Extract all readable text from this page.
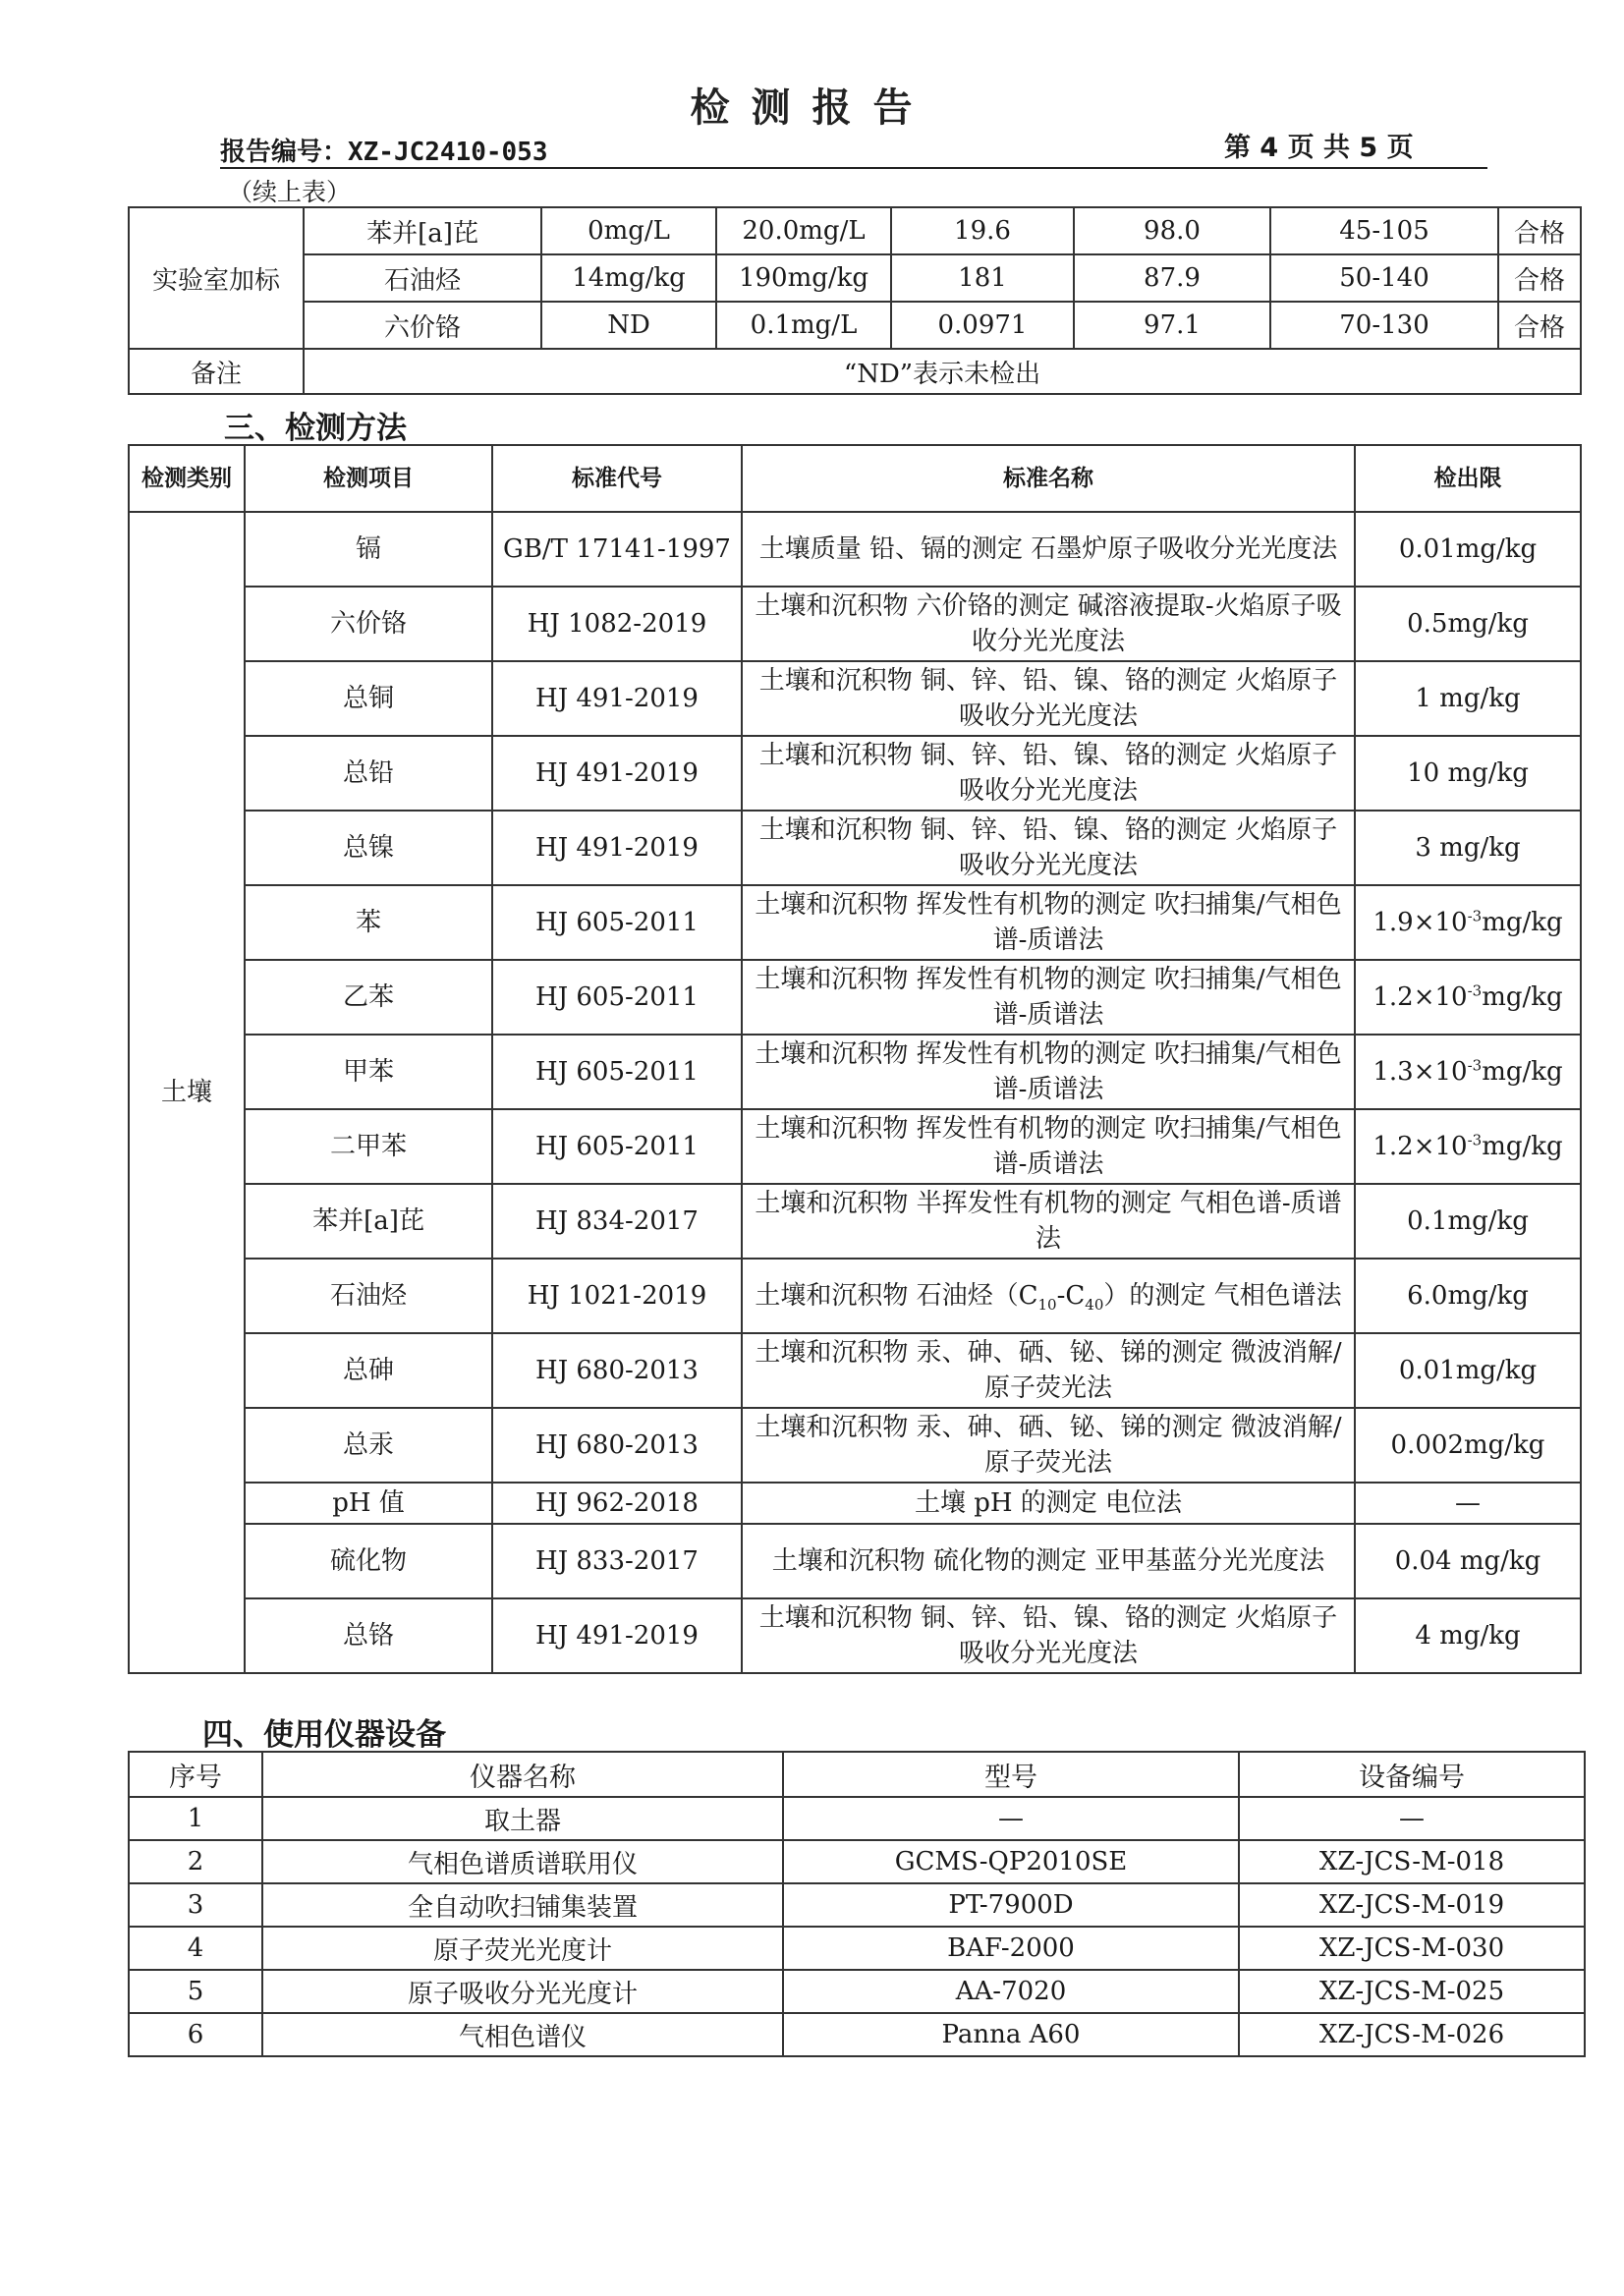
检测报告
报告编号：XZ-JC2410-053	第 4 页 共 5 页
（续上表）
实验室加标	苯并[a]芘	0mg/L	20.0mg/L	19.6	98.0	45-105	合格
	石油烃	14mg/kg	190mg/kg	181	87.9	50-140	合格
	六价铬	ND	0.1mg/L	0.0971	97.1	70-130	合格
备注	“ND”表示未检出						
三、检测方法
检测类别	检测项目	标准代号	标准名称	检出限
土壤	镉	GB/T 17141-1997	土壤质量 铅、镉的测定 石墨炉原子吸收分光光度法	0.01mg/kg
	六价铬	HJ 1082-2019	土壤和沉积物 六价铬的测定 碱溶液提取-火焰原子吸收分光光度法	0.5mg/kg
	总铜	HJ 491-2019	土壤和沉积物 铜、锌、铅、镍、铬的测定 火焰原子吸收分光光度法	1 mg/kg
	总铅	HJ 491-2019	土壤和沉积物 铜、锌、铅、镍、铬的测定 火焰原子吸收分光光度法	10 mg/kg
	总镍	HJ 491-2019	土壤和沉积物 铜、锌、铅、镍、铬的测定 火焰原子吸收分光光度法	3 mg/kg
	苯	HJ 605-2011	土壤和沉积物 挥发性有机物的测定 吹扫捕集/气相色谱-质谱法	$1.9\times 10^{-3}mg/kg$
	乙苯	HJ 605-2011	土壤和沉积物 挥发性有机物的测定 吹扫捕集/气相色谱-质谱法	$1.2\times 10^{-3}mg/kg$
	甲苯	HJ 605-2011	土壤和沉积物 挥发性有机物的测定 吹扫捕集/气相色谱-质谱法	$1.3\times 10^{-3}mg/kg$
	二甲苯	HJ 605-2011	土壤和沉积物 挥发性有机物的测定 吹扫捕集/气相色谱-质谱法	$1.2\times 10^{-3}mg/kg$
	苯并[a]芘	HJ 834-2017	土壤和沉积物 半挥发性有机物的测定 气相色谱-质谱法	0.1mg/kg
	石油烃	HJ 1021-2019	土壤和沉积物 石油烃$(C_{10}-C_{40})$的测定 气相色谱法	6.0mg/kg
	总砷	HJ 680-2013	土壤和沉积物 汞、砷、硒、铋、锑的测定 微波消解/原子荧光法	0.01mg/kg
	总汞	HJ 680-2013	土壤和沉积物 汞、砷、硒、铋、锑的测定 微波消解/原子荧光法	0.002mg/kg
	pH 值	HJ 962-2018	土壤 pH 的测定 电位法	—
	硫化物	HJ 833-2017	土壤和沉积物 硫化物的测定 亚甲基蓝分光光度法	0.04 mg/kg
	总铬	HJ 491-2019	土壤和沉积物 铜、锌、铅、镍、铬的测定 火焰原子吸收分光光度法	4 mg/kg
四、使用仪器设备
序号	仪器名称	型号	设备编号
1	取土器	—	—
2	气相色谱质谱联用仪	GCMS-QP2010SE	XZ-JCS-M-018
3	全自动吹扫铺集装置	PT-7900D	XZ-JCS-M-019
4	原子荧光光度计	BAF-2000	XZ-JCS-M-030
5	原子吸收分光光度计	AA-7020	XZ-JCS-M-025
6	气相色谱仪	Panna A60	XZ-JCS-M-026
